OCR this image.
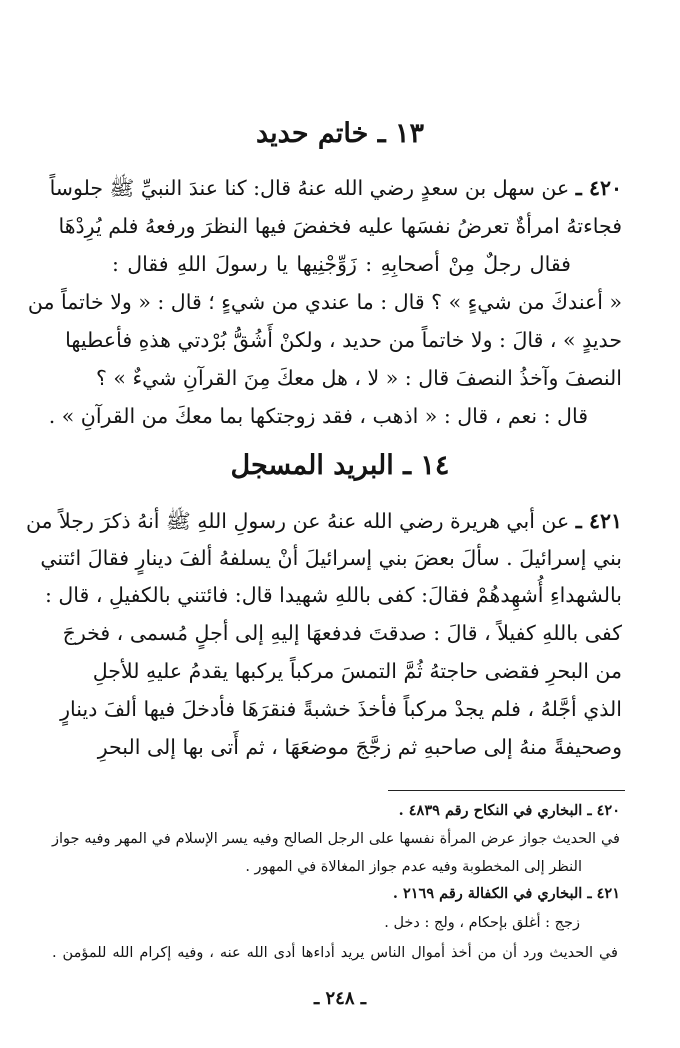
١٣ ـ خاتم حديد
٤٢٠ ـ عن سهل بن سعدٍ رضي الله عنهُ قال: كنا عندَ النبيِّ ﷺ جلوساً
فجاءتهُ امرأةٌ تعرضُ نفسَها عليه فخفضَ فيها النظرَ ورفعهُ فلم يُرِدْهَا
فقال رجلٌ مِنْ أصحابِهِ : زَوِّجْنِيها يا رسولَ اللهِ فقال :
« أعندكَ من شيءٍ » ؟ قال : ما عندي من شيءٍ ؛ قال : « ولا خاتماً من
حديدٍ » ، قالَ : ولا خاتماً من حديد ، ولكنْ أَشُقُّ بُرْدتي هذهِ فأعطيها
النصفَ وآخذُ النصفَ قال : « لا ، هل معكَ مِنَ القرآنِ شيءٌ » ؟
قال : نعم ، قال : « اذهب ، فقد زوجتكها بما معكَ من القرآنِ » .
١٤ ـ البريد المسجل
٤٢١ ـ عن أبي هريرة رضي الله عنهُ عن رسولِ اللهِ ﷺ أنهُ ذكرَ رجلاً من
بني إسرائيلَ . سألَ بعضَ بني إسرائيلَ أنْ يسلفهُ ألفَ دينارٍ فقالَ ائتني
بالشهداءِ أُشهِدهُمْ فقالَ: كفى باللهِ شهيدا قال: فائتني بالكفيلِ ، قال :
كفى باللهِ كفيلاً ، قالَ : صدقتَ فدفعهَا إليهِ إلى أجلٍ مُسمى ، فخرجَ
من البحرِ فقضى حاجتهُ ثُمَّ التمسَ مركباً يركبها يقدمُ عليهِ للأجلِ
الذي أجَّلهُ ، فلم يجدْ مركباً فأخذَ خشبةً فنقرَهَا فأدخلَ فيها ألفَ دينارٍ
وصحيفةً منهُ إلى صاحبهِ ثم زجَّجَ موضعَهَا ، ثم أَتى بها إلى البحرِ
٤٢٠ ـ البخاري في النكاح رقم ٤٨٣٩ .
في الحديث جواز عرض المرأة نفسها على الرجل الصالح وفيه يسر الإسلام في المهر وفيه جواز
النظر إلى المخطوبة وفيه عدم جواز المغالاة في المهور .
٤٢١ ـ البخاري في الكفالة رقم ٢١٦٩ .
زجج : أغلق بإحكام ، ولج : دخل .
في الحديث ورد أن من أخذ أموال الناس يريد أداءها أدى الله عنه ، وفيه إكرام الله للمؤمن .
ـ ٢٤٨ ـ
